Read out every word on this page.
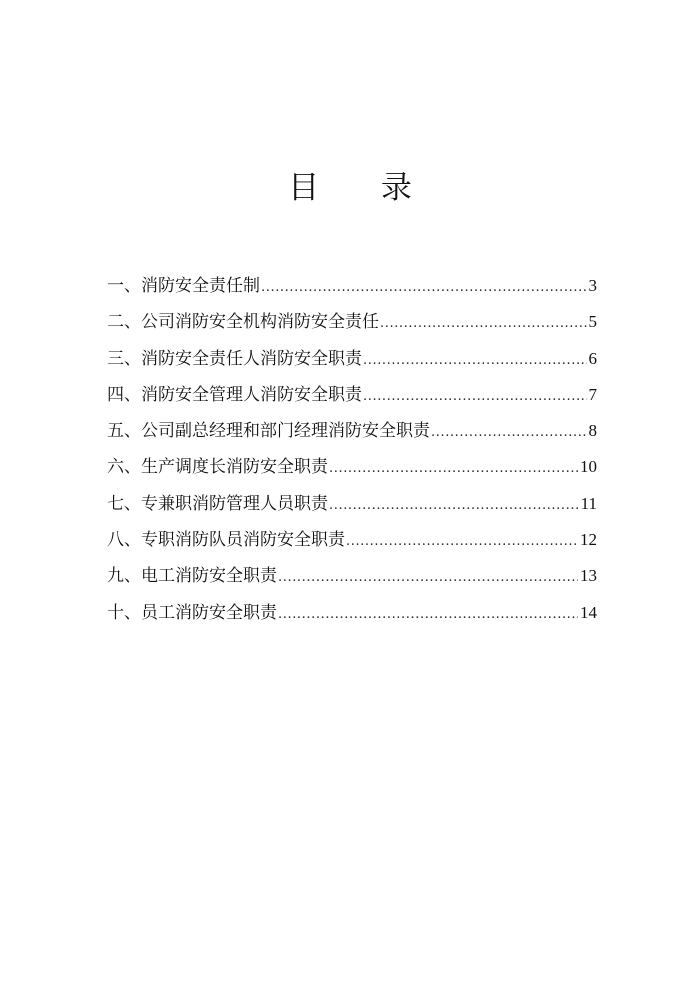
目 录
一、消防安全责任制 .....	3
二、公司消防安全机构消防安全责任 .....	5
三、消防安全责任人消防安全职责 .....	6
四、消防安全管理人消防安全职责 .....	7
五、公司副总经理和部门经理消防安全职责 .....	8
六、生产调度长消防安全职责 .....	10
七、专兼职消防管理人员职责 .....	11
八、专职消防队员消防安全职责 .....	12
九、电工消防安全职责 .....	13
十、员工消防安全职责 .....	14
